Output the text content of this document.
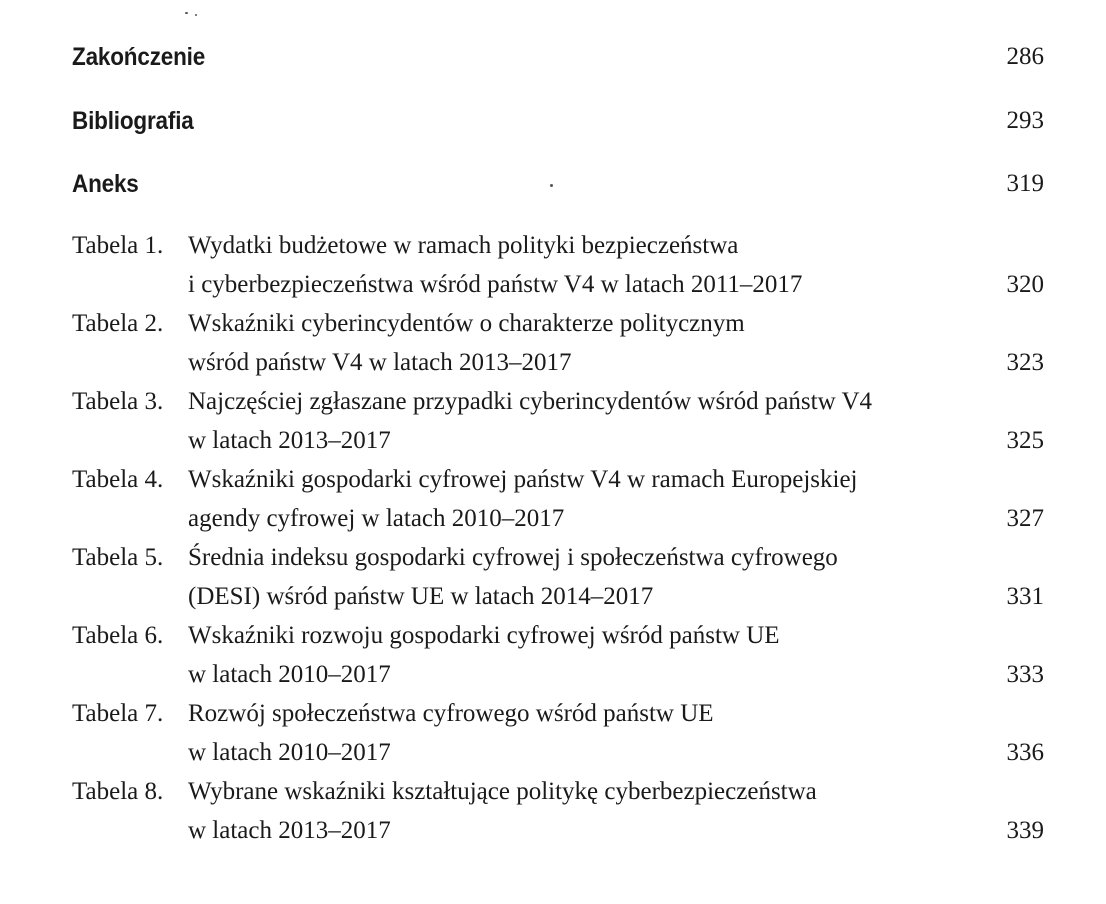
Zakończenie	286
Bibliografia	293
Aneks	319
Tabela 1. Wydatki budżetowe w ramach polityki bezpieczeństwa
i cyberbezpieczeństwa wśród państw V4 w latach 2011–2017	320
Tabela 2. Wskaźniki cyberincydentów o charakterze politycznym
wśród państw V4 w latach 2013–2017	323
Tabela 3. Najczęściej zgłaszane przypadki cyberincydentów wśród państw V4
w latach 2013–2017	325
Tabela 4. Wskaźniki gospodarki cyfrowej państw V4 w ramach Europejskiej
agendy cyfrowej w latach 2010–2017	327
Tabela 5. Średnia indeksu gospodarki cyfrowej i społeczeństwa cyfrowego
(DESI) wśród państw UE w latach 2014–2017	331
Tabela 6. Wskaźniki rozwoju gospodarki cyfrowej wśród państw UE
w latach 2010–2017	333
Tabela 7. Rozwój społeczeństwa cyfrowego wśród państw UE
w latach 2010–2017	336
Tabela 8. Wybrane wskaźniki kształtujące politykę cyberbezpieczeństwa
w latach 2013–2017	339
